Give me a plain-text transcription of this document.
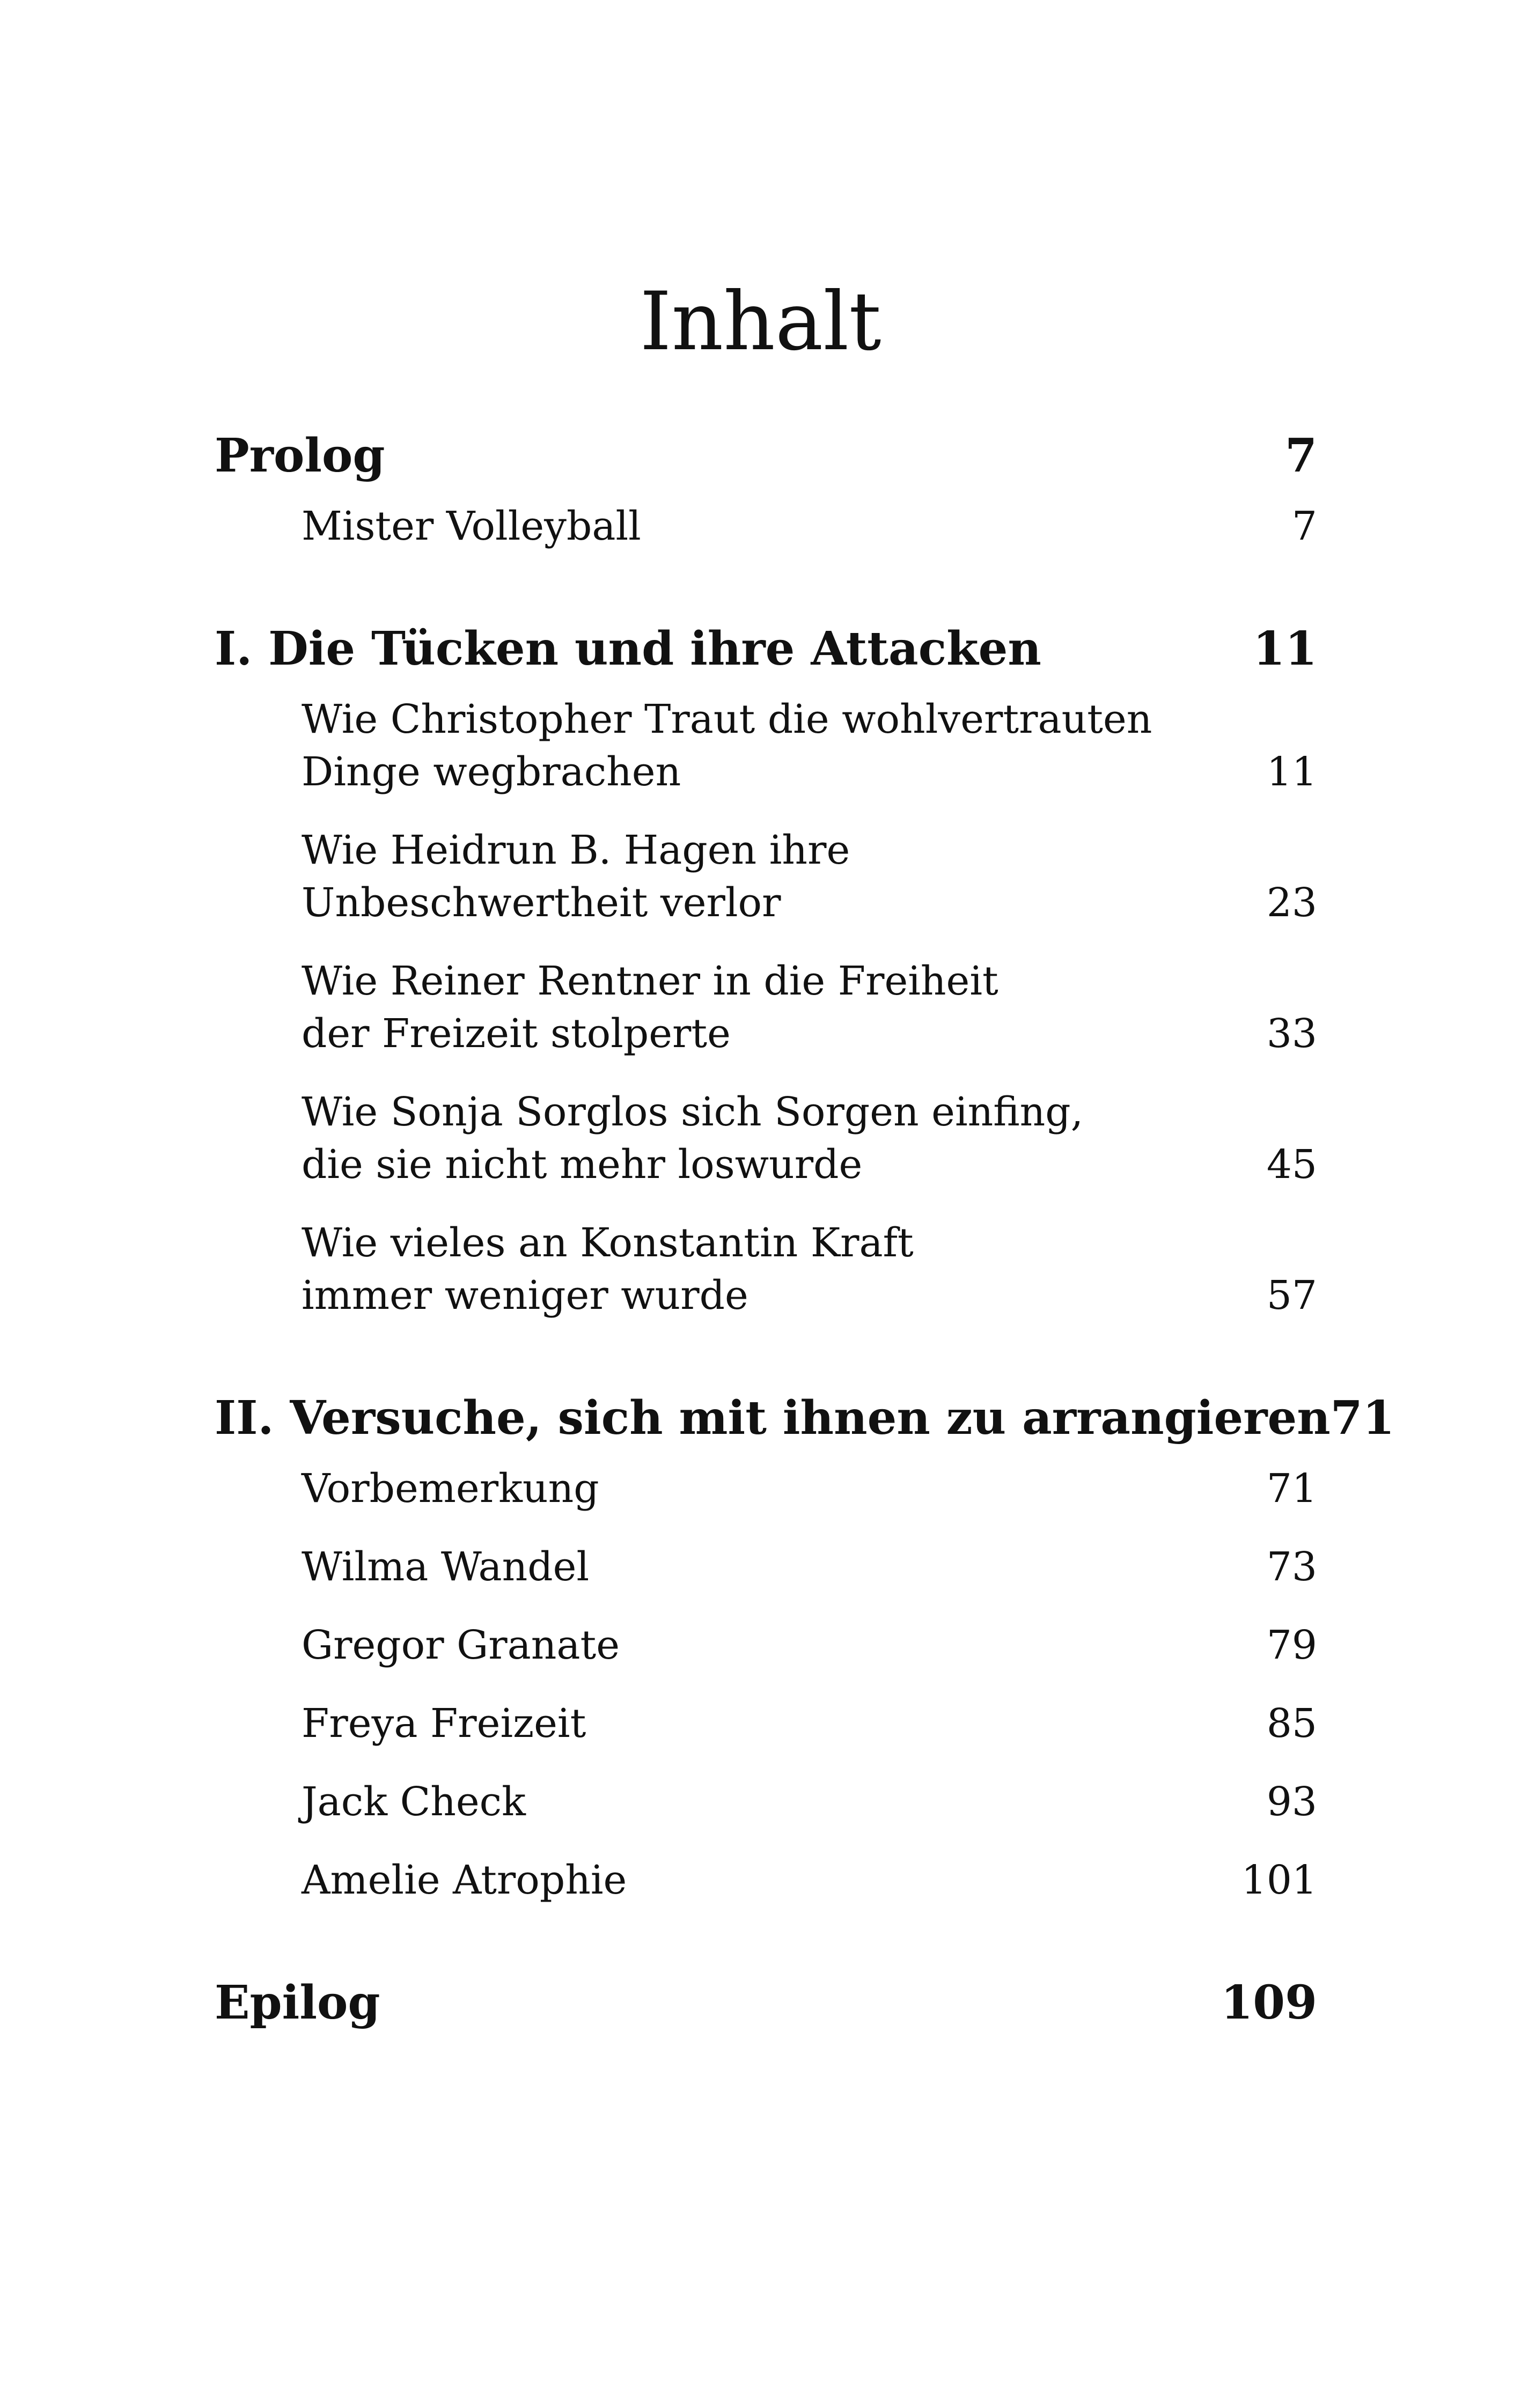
Inhalt
Prolog	7
Mister Volleyball	7
I. Die Tücken und ihre Attacken	11
Wie Christopher Traut die wohlvertrauten
Dinge wegbrachen	11
Wie Heidrun B. Hagen ihre
Unbeschwertheit verlor	23
Wie Reiner Rentner in die Freiheit
der Freizeit stolperte	33
Wie Sonja Sorglos sich Sorgen einfing,
die sie nicht mehr loswurde	45
Wie vieles an Konstantin Kraft
immer weniger wurde	57
II. Versuche, sich mit ihnen zu arrangieren 71
Vorbemerkung	71
Wilma Wandel	73
Gregor Granate	79
Freya Freizeit	85
Jack Check	93
Amelie Atrophie	101
Epilog	109
